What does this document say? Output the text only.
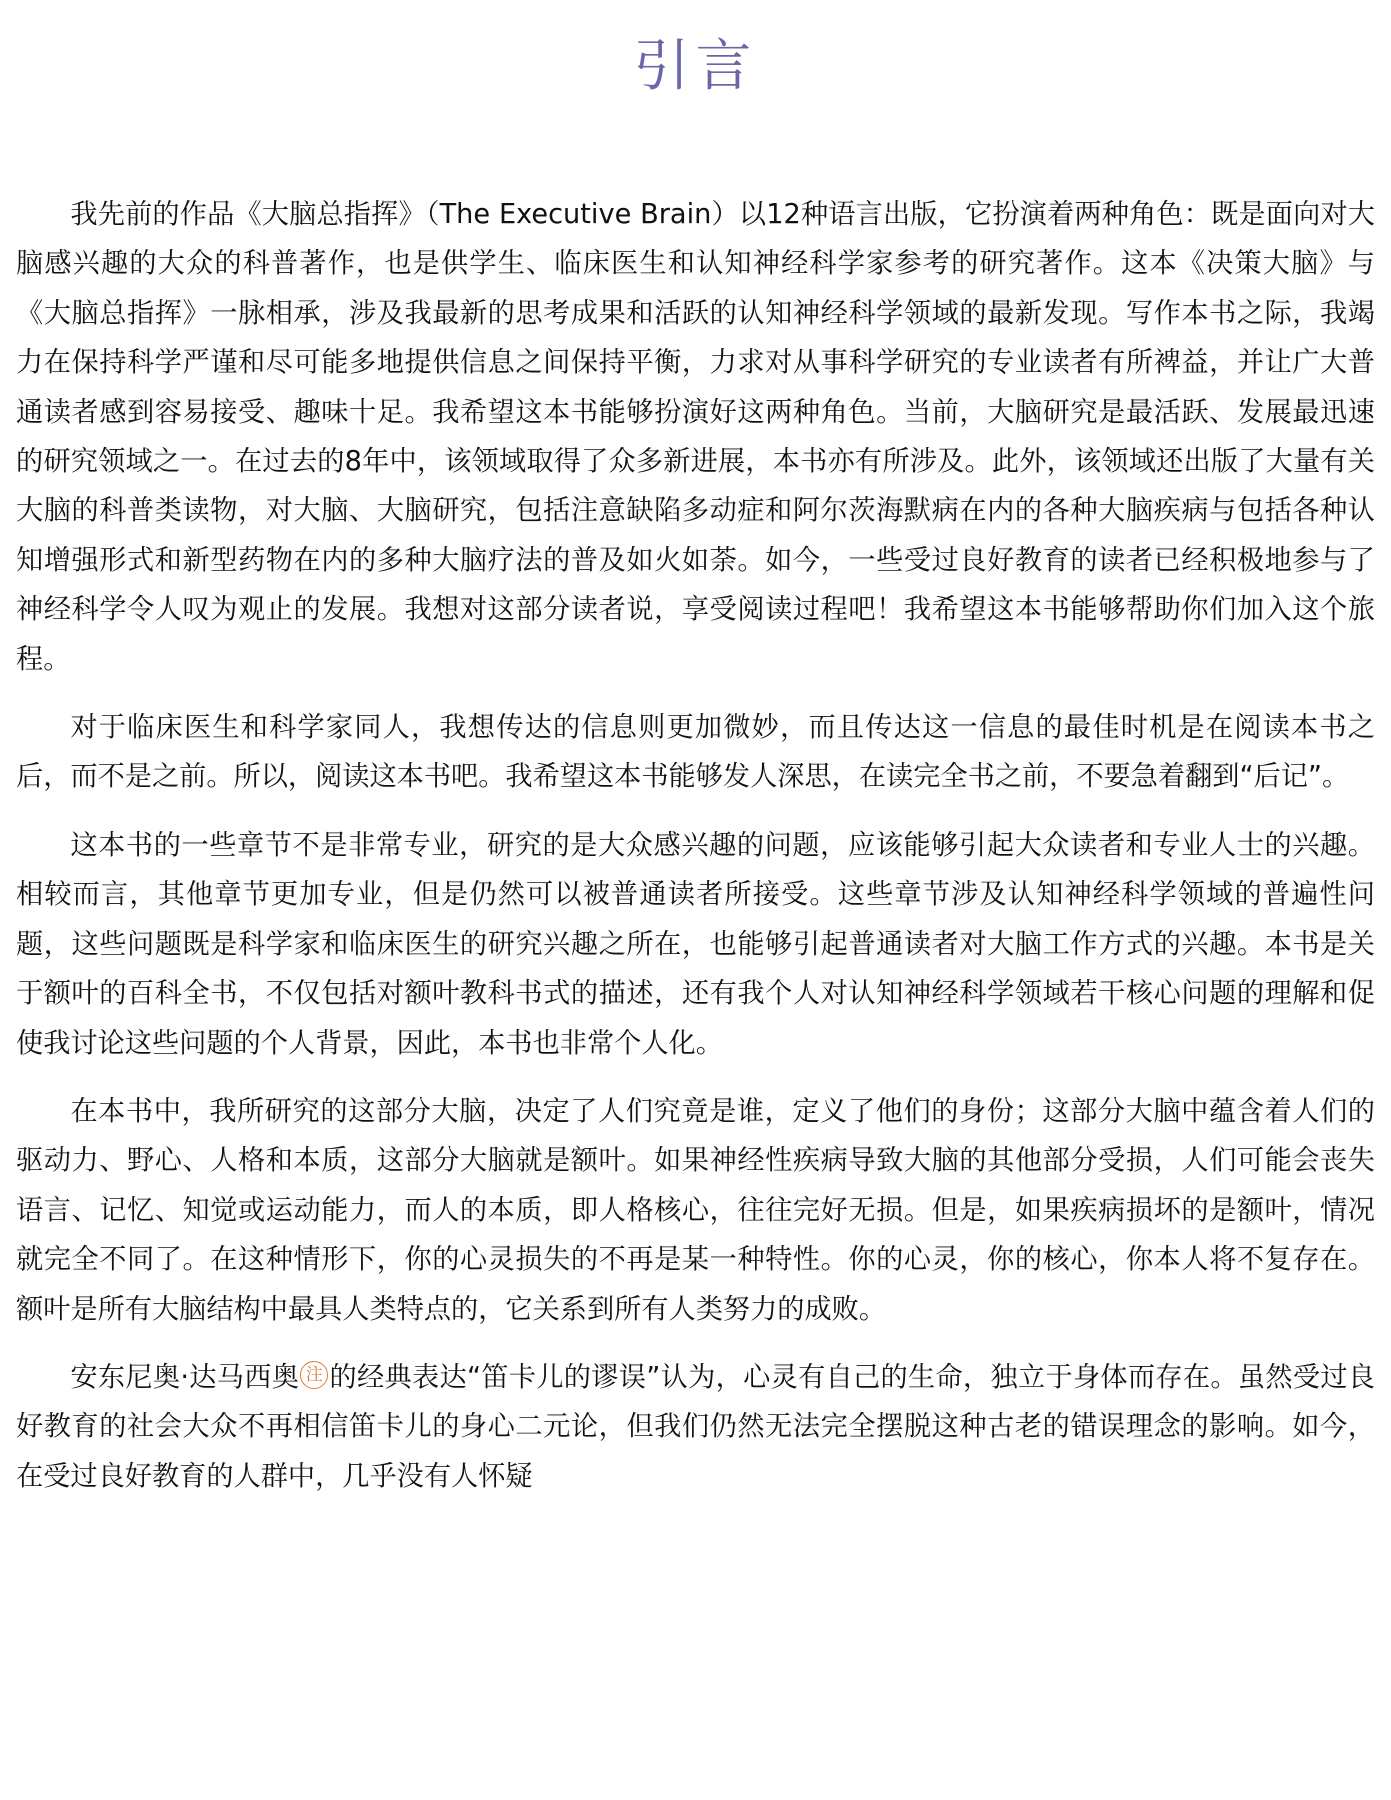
引言

我先前的作品《大脑总指挥》（The Executive Brain）以12种语言出版，它扮演着两种角色：既是面向对大脑感兴趣的大众的科普著作，也是供学生、临床医生和认知神经科学家参考的研究著作。这本《决策大脑》与《大脑总指挥》一脉相承，涉及我最新的思考成果和活跃的认知神经科学领域的最新发现。写作本书之际，我竭力在保持科学严谨和尽可能多地提供信息之间保持平衡，力求对从事科学研究的专业读者有所裨益，并让广大普通读者感到容易接受、趣味十足。我希望这本书能够扮演好这两种角色。当前，大脑研究是最活跃、发展最迅速的研究领域之一。在过去的8年中，该领域取得了众多新进展，本书亦有所涉及。此外，该领域还出版了大量有关大脑的科普类读物，对大脑、大脑研究，包括注意缺陷多动症和阿尔茨海默病在内的各种大脑疾病与包括各种认知增强形式和新型药物在内的多种大脑疗法的普及如火如荼。如今，一些受过良好教育的读者已经积极地参与了神经科学令人叹为观止的发展。我想对这部分读者说，享受阅读过程吧！我希望这本书能够帮助你们加入这个旅程。

对于临床医生和科学家同人，我想传达的信息则更加微妙，而且传达这一信息的最佳时机是在阅读本书之后，而不是之前。所以，阅读这本书吧。我希望这本书能够发人深思，在读完全书之前，不要急着翻到“后记”。

这本书的一些章节不是非常专业，研究的是大众感兴趣的问题，应该能够引起大众读者和专业人士的兴趣。相较而言，其他章节更加专业，但是仍然可以被普通读者所接受。这些章节涉及认知神经科学领域的普遍性问题，这些问题既是科学家和临床医生的研究兴趣之所在，也能够引起普通读者对大脑工作方式的兴趣。本书是关于额叶的百科全书，不仅包括对额叶教科书式的描述，还有我个人对认知神经科学领域若干核心问题的理解和促使我讨论这些问题的个人背景，因此，本书也非常个人化。

在本书中，我所研究的这部分大脑，决定了人们究竟是谁，定义了他们的身份；这部分大脑中蕴含着人们的驱动力、野心、人格和本质，这部分大脑就是额叶。如果神经性疾病导致大脑的其他部分受损，人们可能会丧失语言、记忆、知觉或运动能力，而人的本质，即人格核心，往往完好无损。但是，如果疾病损坏的是额叶，情况就完全不同了。在这种情形下，你的心灵损失的不再是某一种特性。你的心灵，你的核心，你本人将不复存在。额叶是所有大脑结构中最具人类特点的，它关系到所有人类努力的成败。

安东尼奥·达马西奥 注 的经典表达“笛卡儿的谬误”认为，心灵有自己的生命，独立于身体而存在。虽然受过良好教育的社会大众不再相信笛卡儿的身心二元论，但我们仍然无法完全摆脱这种古老的错误理念的影响。如今，在受过良好教育的人群中，几乎没有人怀疑
